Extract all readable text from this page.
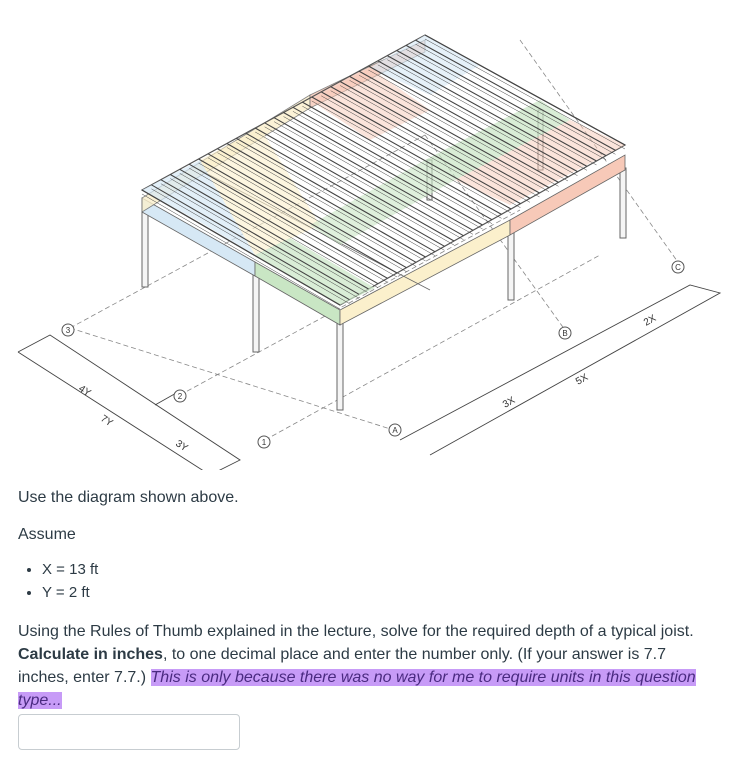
4Y
7Y
3Y
3X
5X
2X
3
2
1
A
B
C
Use the diagram shown above.
Assume
• X = 13 ft
• Y = 2 ft

Using the Rules of Thumb explained in the lecture, solve for the required depth of a typical joist. Calculate in inches, to one decimal place and enter the number only. (If your answer is 7.7 inches, enter 7.7.) This is only because there was no way for me to require units in this question type...
